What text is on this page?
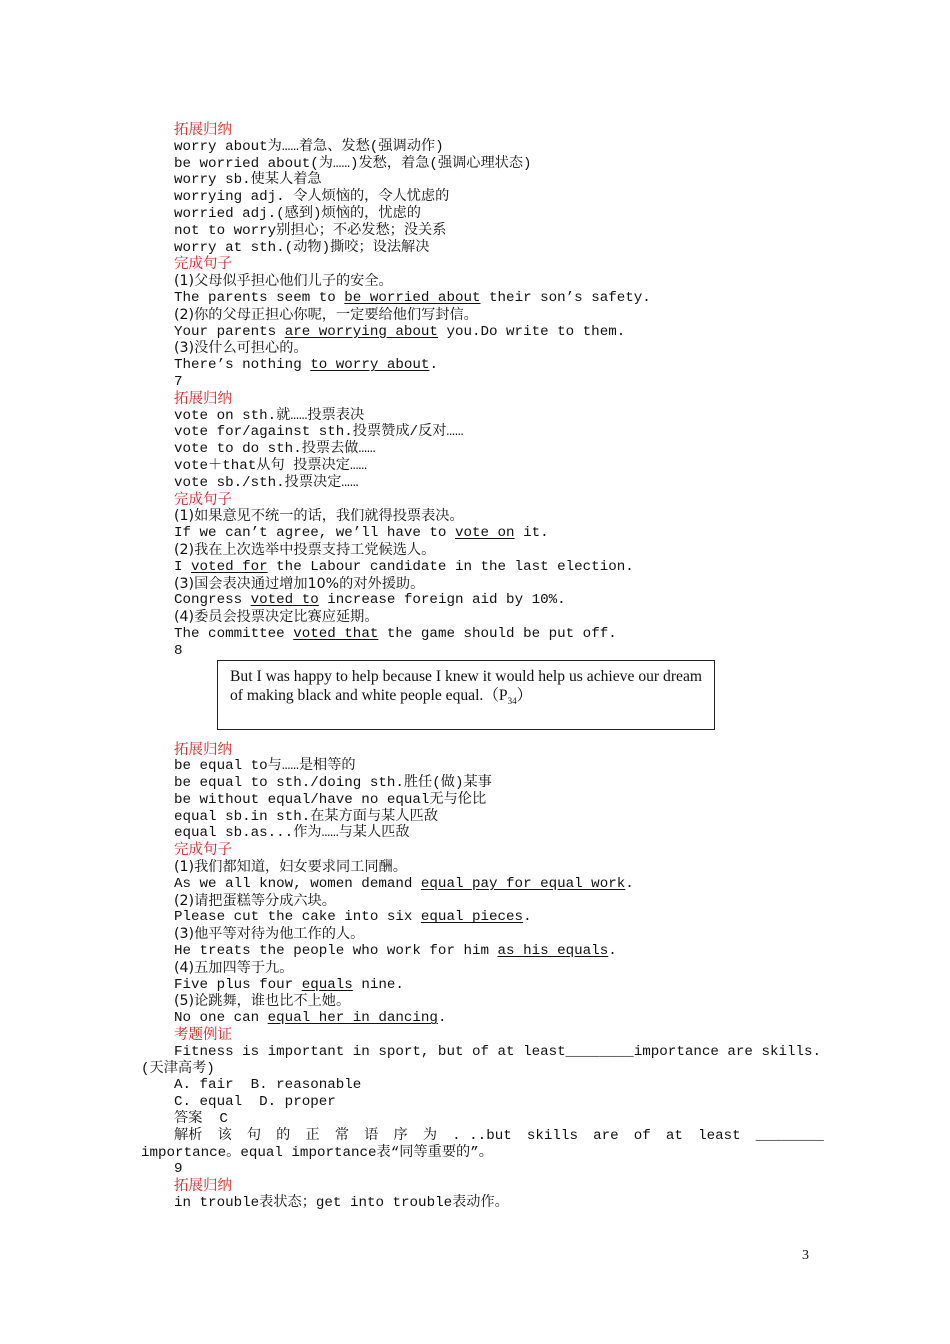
拓展归纳
worry about为……着急、发愁(强调动作)
be worried about(为……)发愁，着急(强调心理状态)
worry sb.使某人着急
worrying adj. 令人烦恼的，令人忧虑的
worried adj.(感到)烦恼的，忧虑的
not to worry别担心；不必发愁；没关系
worry at sth.(动物)撕咬；设法解决
完成句子
(1)父母似乎担心他们儿子的安全。
The parents seem to be worried about their son’s safety.
(2)你的父母正担心你呢，一定要给他们写封信。
Your parents are worrying about you.Do write to them.
(3)没什么可担心的。
There’s nothing to worry about.
7
拓展归纳
vote on sth.就……投票表决
vote for/against sth.投票赞成/反对……
vote to do sth.投票去做……
vote＋that从句 投票决定……
vote sb./sth.投票决定……
完成句子
(1)如果意见不统一的话，我们就得投票表决。
If we can’t agree, we’ll have to vote on it.
(2)我在上次选举中投票支持工党候选人。
I voted for the Labour candidate in the last election.
(3)国会表决通过增加10%的对外援助。
Congress voted to increase foreign aid by 10%.
(4)委员会投票决定比赛应延期。
The committee voted that the game should be put off.
8
But I was happy to help because I knew it would help us achieve our dream of making black and white people $equal.(P_{34})$
拓展归纳
be equal to与……是相等的
be equal to sth./doing sth.胜任(做)某事
be without equal/have no equal无与伦比
equal sb.in sth.在某方面与某人匹敌
equal sb.as...作为……与某人匹敌
完成句子
(1)我们都知道，妇女要求同工同酬。
As we all know, women demand equal pay for equal work.
(2)请把蛋糕等分成六块。
Please cut the cake into six equal pieces.
(3)他平等对待为他工作的人。
He treats the people who work for him as his equals.
(4)五加四等于九。
Five plus four equals nine.
(5)论跳舞，谁也比不上她。
No one can equal her in dancing.
考题例证
Fitness is important in sport, but of at least________importance are skills.
(天津高考)
A. fair  B. reasonable
C. equal  D. proper
答案  C
解析 该 句 的 正 常 语 序 为 . ..but skills are of at least ________
importance。equal importance表“同等重要的”。
9
拓展归纳
in trouble表状态；get into trouble表动作。
3
